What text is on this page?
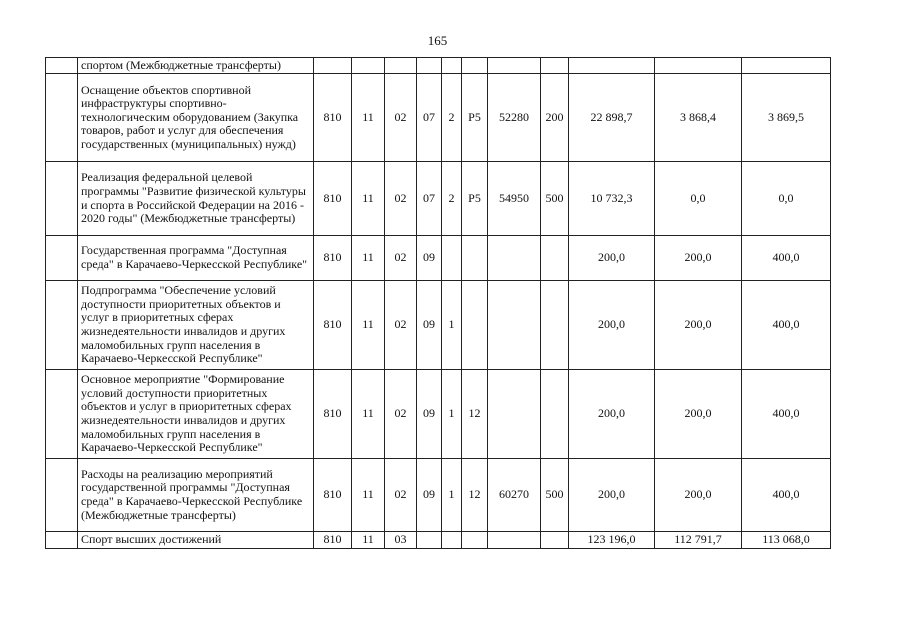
165
	спортом (Межбюджетные трансферты)											
	Оснащение объектов спортивной инфраструктуры спортивно-технологическим оборудованием (Закупка товаров, работ и услуг для обеспечения государственных (муниципальных) нужд)	810	11	02	07	2	Р5	52280	200	22 898,7	3 868,4	3 869,5
	Реализация федеральной целевой программы "Развитие физической культуры и спорта в Российской Федерации на 2016 - 2020 годы" (Межбюджетные трансферты)	810	11	02	07	2	Р5	54950	500	10 732,3	0,0	0,0
	Государственная программа "Доступная среда" в Карачаево-Черкесской Республике"	810	11	02	09					200,0	200,0	400,0
	Подпрограмма "Обеспечение условий доступности приоритетных объектов и услуг в приоритетных сферах жизнедеятельности инвалидов и других маломобильных групп населения в Карачаево-Черкесской Республике"	810	11	02	09	1				200,0	200,0	400,0
	Основное мероприятие "Формирование условий доступности приоритетных объектов и услуг в приоритетных сферах жизнедеятельности инвалидов и других маломобильных групп населения в Карачаево-Черкесской Республике"	810	11	02	09	1	12			200,0	200,0	400,0
	Расходы на реализацию мероприятий государственной программы "Доступная среда" в Карачаево-Черкесской Республике (Межбюджетные трансферты)	810	11	02	09	1	12	60270	500	200,0	200,0	400,0
	Спорт высших достижений	810	11	03						123 196,0	112 791,7	113 068,0
